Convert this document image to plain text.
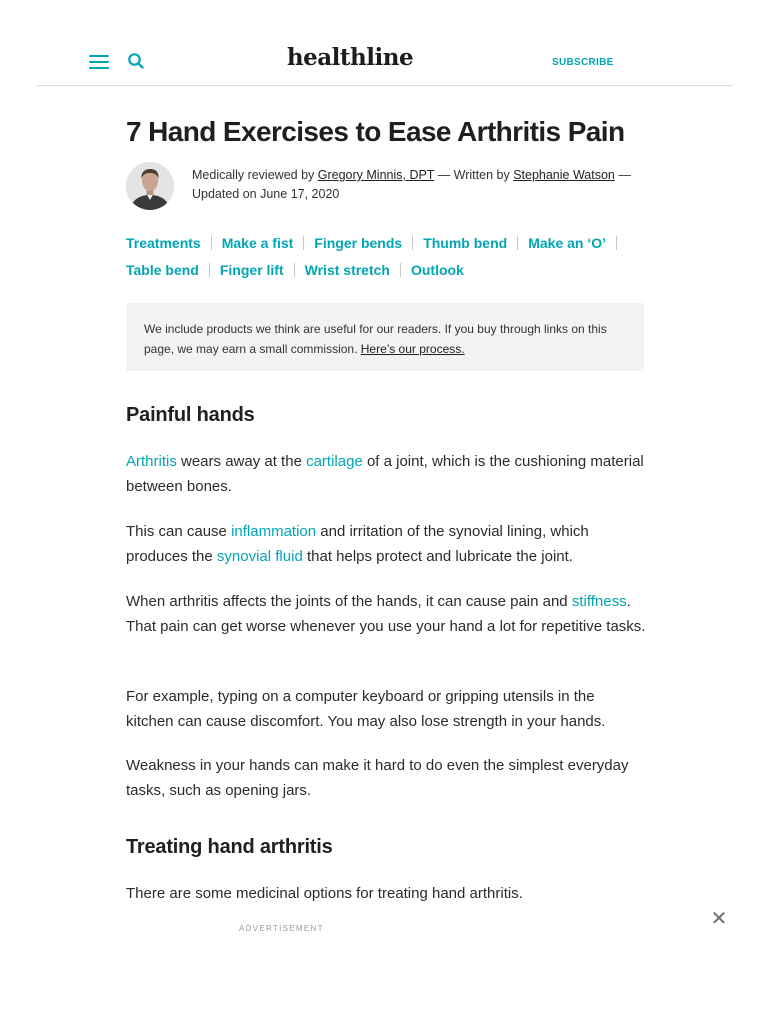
healthline	SUBSCRIBE
7 Hand Exercises to Ease Arthritis Pain
Medically reviewed by Gregory Minnis, DPT — Written by Stephanie Watson —
Updated on June 17, 2020
Treatments Make a fist Finger bends Thumb bend Make an ‘O’
Table bend Finger lift Wrist stretch Outlook
We include products we think are useful for our readers. If you buy through links on this page, we may earn a small commission. Here’s our process.
Painful hands

Arthritis wears away at the cartilage of a joint, which is the cushioning material between bones.

This can cause inflammation and irritation of the synovial lining, which produces the synovial fluid that helps protect and lubricate the joint.

When arthritis affects the joints of the hands, it can cause pain and stiffness. That pain can get worse whenever you use your hand a lot for repetitive tasks.

For example, typing on a computer keyboard or gripping utensils in the kitchen can cause discomfort. You may also lose strength in your hands.

Weakness in your hands can make it hard to do even the simplest everyday tasks, such as opening jars.

Treating hand arthritis

There are some medicinal options for treating hand arthritis.

ADVERTISEMENT	✕
